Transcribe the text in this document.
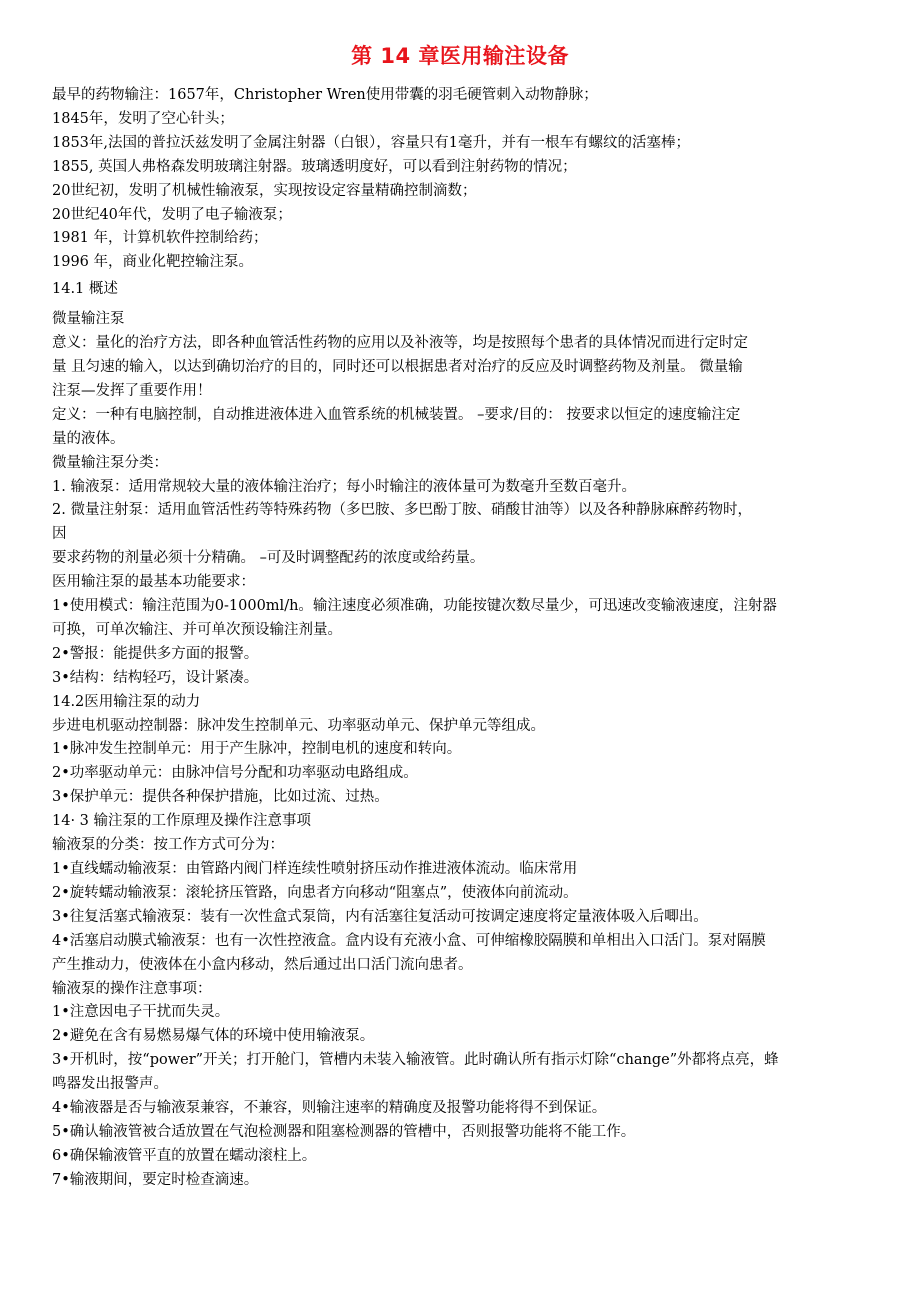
第 14 章医用输注设备
最早的药物输注：1657年，Christopher Wren使用带囊的羽毛硬管刺入动物静脉；
1845年，发明了空心针头；
1853年,法国的普拉沃兹发明了金属注射器（白银），容量只有1毫升，并有一根车有螺纹的活塞棒；
1855, 英国人弗格森发明玻璃注射器。玻璃透明度好，可以看到注射药物的情况；
20世纪初，发明了机械性输液泵，实现按设定容量精确控制滴数；
20世纪40年代，发明了电子输液泵；
1981 年，计算机软件控制给药；
1996 年，商业化靶控输注泵。
14.1 概述
微量输注泵
意义：量化的治疗方法，即各种血管活性药物的应用以及补液等，均是按照每个患者的具体情况而进行定时定
量 且匀速的输入，以达到确切治疗的目的，同时还可以根据患者对治疗的反应及时调整药物及剂量。 微量输
注泵—发挥了重要作用！
定义：一种有电脑控制，自动推进液体进入血管系统的机械装置。 –要求/目的： 按要求以恒定的速度输注定
量的液体。
微量输注泵分类：
1. 输液泵：适用常规较大量的液体输注治疗；每小时输注的液体量可为数毫升至数百毫升。
2. 微量注射泵：适用血管活性药等特殊药物（多巴胺、多巴酚丁胺、硝酸甘油等）以及各种静脉麻醉药物时，
因
要求药物的剂量必须十分精确。 –可及时调整配药的浓度或给药量。
医用输注泵的最基本功能要求：
1•使用模式：输注范围为0-1000ml/h。输注速度必须准确，功能按键次数尽量少，可迅速改变输液速度，注射器
可换，可单次输注、并可单次预设输注剂量。
2•警报：能提供多方面的报警。
3•结构：结构轻巧，设计紧凑。
14.2医用输注泵的动力
步进电机驱动控制器：脉冲发生控制单元、功率驱动单元、保护单元等组成。
1•脉冲发生控制单元：用于产生脉冲，控制电机的速度和转向。
2•功率驱动单元：由脉冲信号分配和功率驱动电路组成。
3•保护单元：提供各种保护措施，比如过流、过热。
14· 3 输注泵的工作原理及操作注意事项
输液泵的分类：按工作方式可分为：
1•直线蠕动输液泵：由管路内阀门样连续性喷射挤压动作推进液体流动。临床常用
2•旋转蠕动输液泵：滚轮挤压管路，向患者方向移动“阻塞点”，使液体向前流动。
3•往复活塞式输液泵：装有一次性盒式泵筒，内有活塞往复活动可按调定速度将定量液体吸入后唧出。
4•活塞启动膜式输液泵：也有一次性控液盒。盒内设有充液小盒、可伸缩橡胶隔膜和单相出入口活门。泵对隔膜
产生推动力，使液体在小盒内移动，然后通过出口活门流向患者。
输液泵的操作注意事项：
1•注意因电子干扰而失灵。
2•避免在含有易燃易爆气体的环境中使用输液泵。
3•开机时，按“power”开关；打开舱门，管槽内未装入输液管。此时确认所有指示灯除“change”外都将点亮，蜂
鸣器发出报警声。
4•输液器是否与输液泵兼容，不兼容，则输注速率的精确度及报警功能将得不到保证。
5•确认输液管被合适放置在气泡检测器和阻塞检测器的管槽中，否则报警功能将不能工作。
6•确保输液管平直的放置在蠕动滚柱上。
7•输液期间，要定时检查滴速。
